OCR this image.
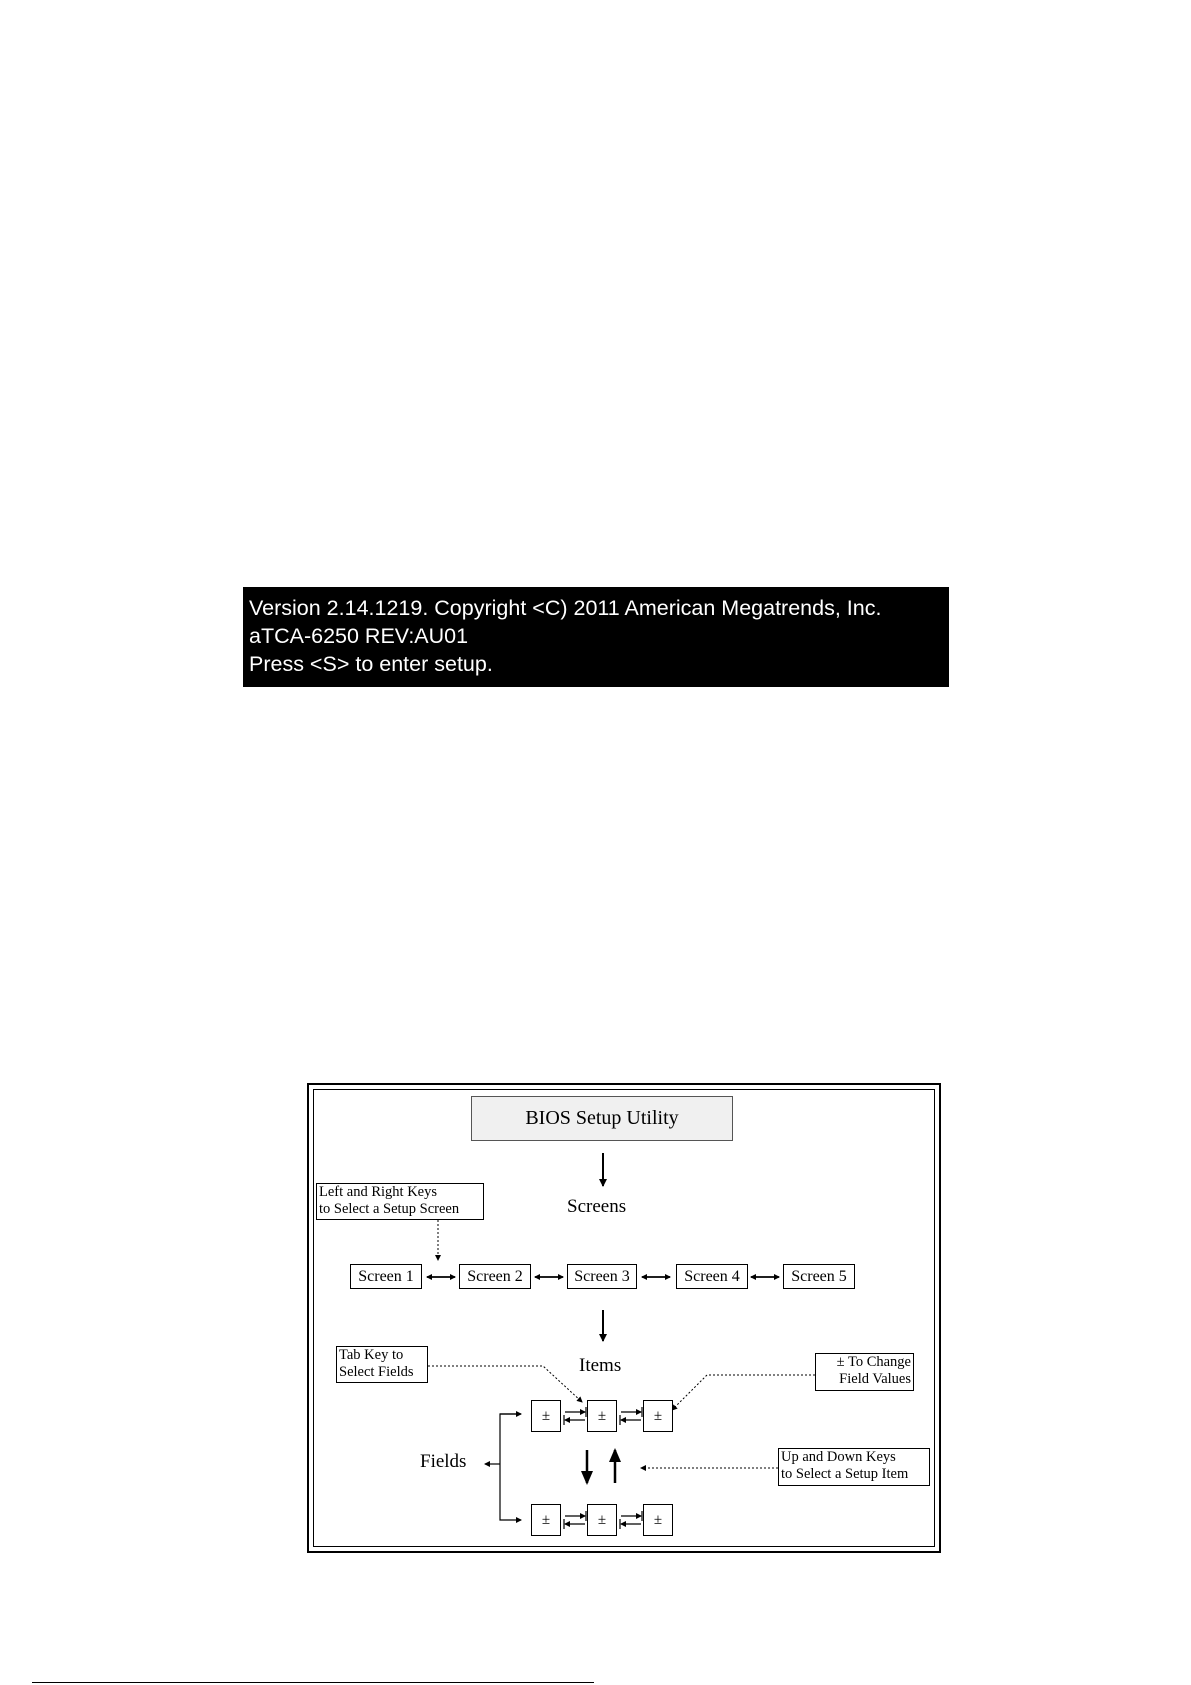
Version 2.14.1219. Copyright <C) 2011 American Megatrends, Inc.
aTCA-6250 REV:AU01
Press <S> to enter setup.
BIOS Setup Utility
Screens
Left and Right Keys
to Select a Setup Screen
Screen 1	Screen 2	Screen 3	Screen 4	Screen 5
Tab Key to
Select Fields	Items	± To Change
Field Values
±	±	±
Fields	Up and Down Keys
to Select a Setup Item
±	±	±
